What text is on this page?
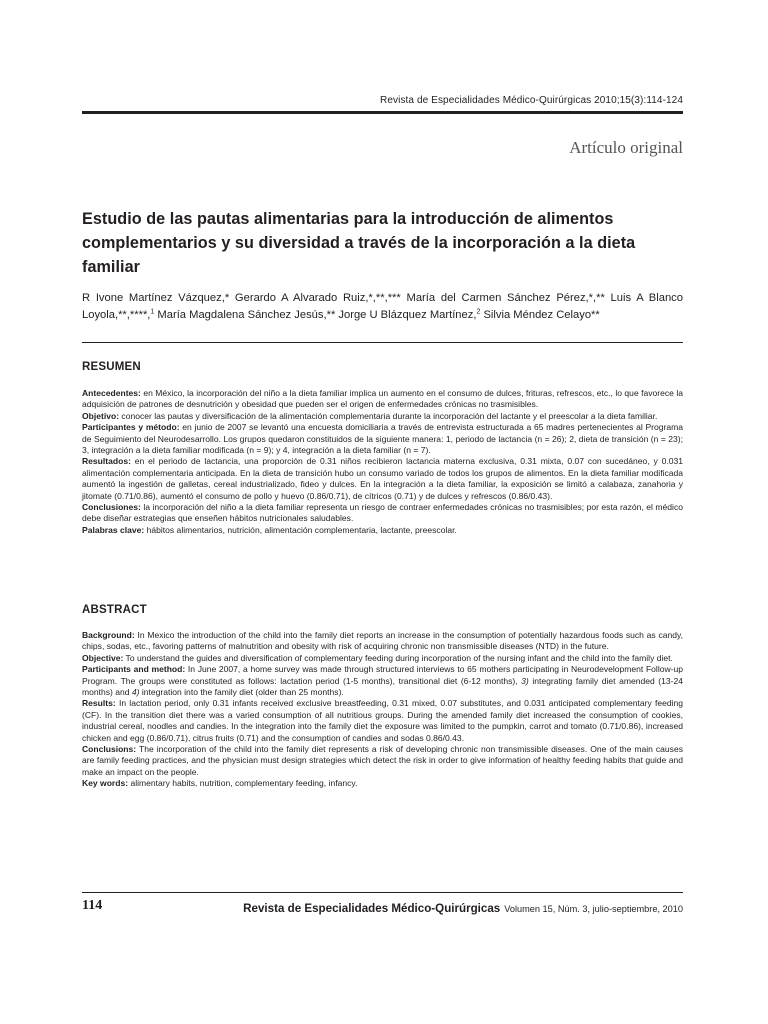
Revista de Especialidades Médico-Quirúrgicas 2010;15(3):114-124
Artículo original
Estudio de las pautas alimentarias para la introducción de alimentos complementarios y su diversidad a través de la incorporación a la dieta familiar

R Ivone Martínez Vázquez,* Gerardo A Alvarado Ruiz,*,**,*** María del Carmen Sánchez Pérez,*,** Luis A Blanco Loyola,**,****,$^1$ María Magdalena Sánchez Jesús,** Jorge U Blázquez Martínez,$^2$ Silvia Méndez Celayo**

RESUMEN

Antecedentes: en México, la incorporación del niño a la dieta familiar implica un aumento en el consumo de dulces, frituras, refrescos, etc., lo que favorece la adquisición de patrones de desnutrición y obesidad que pueden ser el origen de enfermedades crónicas no trasmisibles.

Objetivo: conocer las pautas y diversificación de la alimentación complementaria durante la incorporación del lactante y el preescolar a la dieta familiar.

Participantes y método: en junio de 2007 se levantó una encuesta domiciliaria a través de entrevista estructurada a 65 madres pertenecientes al Programa de Seguimiento del Neurodesarrollo. Los grupos quedaron constituidos de la siguiente manera: 1, periodo de lactancia (n = 26); 2, dieta de transición (n = 23); 3, integración a la dieta familiar modificada (n = 9); y 4, integración a la dieta familiar (n = 7).

Resultados: en el periodo de lactancia, una proporción de 0.31 niños recibieron lactancia materna exclusiva, 0.31 mixta, 0.07 con sucedáneo, y 0.031 alimentación complementaria anticipada. En la dieta de transición hubo un consumo variado de todos los grupos de alimentos. En la dieta familiar modificada aumentó la ingestión de galletas, cereal industrializado, fideo y dulces. En la integración a la dieta familiar, la exposición se limitó a calabaza, zanahoria y jitomate (0.71/0.86), aumentó el consumo de pollo y huevo (0.86/0.71), de cítricos (0.71) y de dulces y refrescos (0.86/0.43).

Conclusiones: la incorporación del niño a la dieta familiar representa un riesgo de contraer enfermedades crónicas no trasmisibles; por esta razón, el médico debe diseñar estrategias que enseñen hábitos nutricionales saludables.

Palabras clave: hábitos alimentarios, nutrición, alimentación complementaria, lactante, preescolar.

ABSTRACT

Background: In Mexico the introduction of the child into the family diet reports an increase in the consumption of potentially hazardous foods such as candy, chips, sodas, etc., favoring patterns of malnutrition and obesity with risk of acquiring chronic non transmissible diseases (NTD) in the future.

Objective: To understand the guides and diversification of complementary feeding during incorporation of the nursing infant and the child into the family diet.

Participants and method: In June 2007, a home survey was made through structured interviews to 65 mothers participating in Neurodevelopment Follow-up Program. The groups were constituted as follows: lactation period (1-5 months), transitional diet (6-12 months), 3) integrating family diet amended (13-24 months) and 4) integration into the family diet (older than 25 months).

Results: In lactation period, only 0.31 infants received exclusive breastfeeding, 0.31 mixed, 0.07 substitutes, and 0.031 anticipated complementary feeding (CF). In the transition diet there was a varied consumption of all nutritious groups. During the amended family diet increased the consumption of cookies, industrial cereal, noodles and candies. In the integration into the family diet the exposure was limited to the pumpkin, carrot and tomato (0.71/0.86), increased chicken and egg (0.86/0.71), citrus fruits (0.71) and the consumption of candies and sodas 0.86/0.43.

Conclusions: The incorporation of the child into the family diet represents a risk of developing chronic non transmissible diseases. One of the main causes are family feeding practices, and the physician must design strategies which detect the risk in order to give information of healthy feeding habits that guide and make an impact on the people.

Key words: alimentary habits, nutrition, complementary feeding, infancy.

114	Revista de Especialidades Médico-Quirúrgicas Volumen 15, Núm. 3, julio-septiembre, 2010
